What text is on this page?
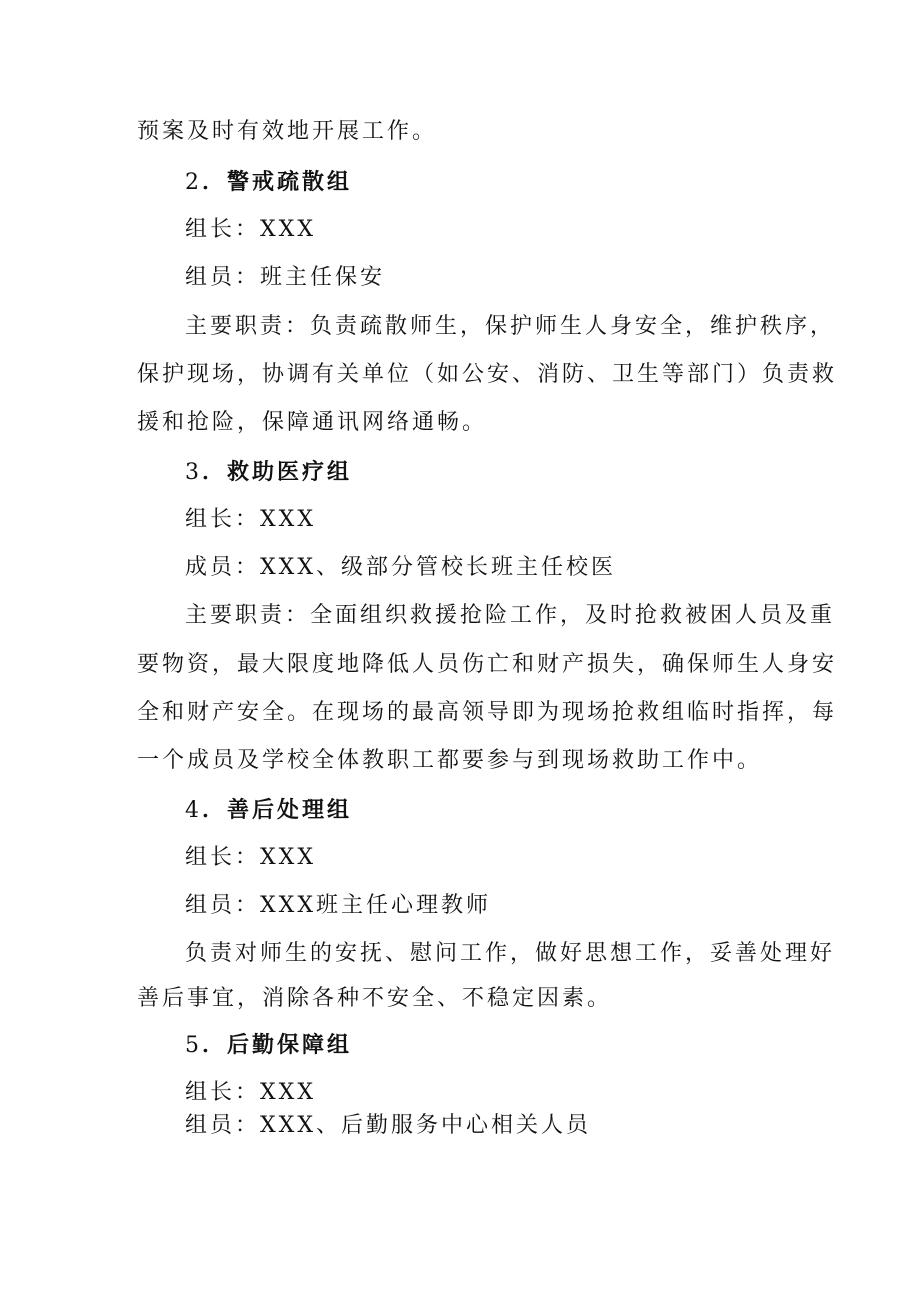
预案及时有效地开展工作。
2．警戒疏散组
组长：XXX
组员：班主任保安
主要职责：负责疏散师生，保护师生人身安全，维护秩序，
保护现场，协调有关单位（如公安、消防、卫生等部门）负责救
援和抢险，保障通讯网络通畅。
3．救助医疗组
组长：XXX
成员：XXX、级部分管校长班主任校医
主要职责：全面组织救援抢险工作，及时抢救被困人员及重
要物资，最大限度地降低人员伤亡和财产损失，确保师生人身安
全和财产安全。在现场的最高领导即为现场抢救组临时指挥，每
一个成员及学校全体教职工都要参与到现场救助工作中。
4．善后处理组
组长：XXX
组员：XXX班主任心理教师
负责对师生的安抚、慰问工作，做好思想工作，妥善处理好
善后事宜，消除各种不安全、不稳定因素。
5．后勤保障组
组长：XXX
组员：XXX、后勤服务中心相关人员
